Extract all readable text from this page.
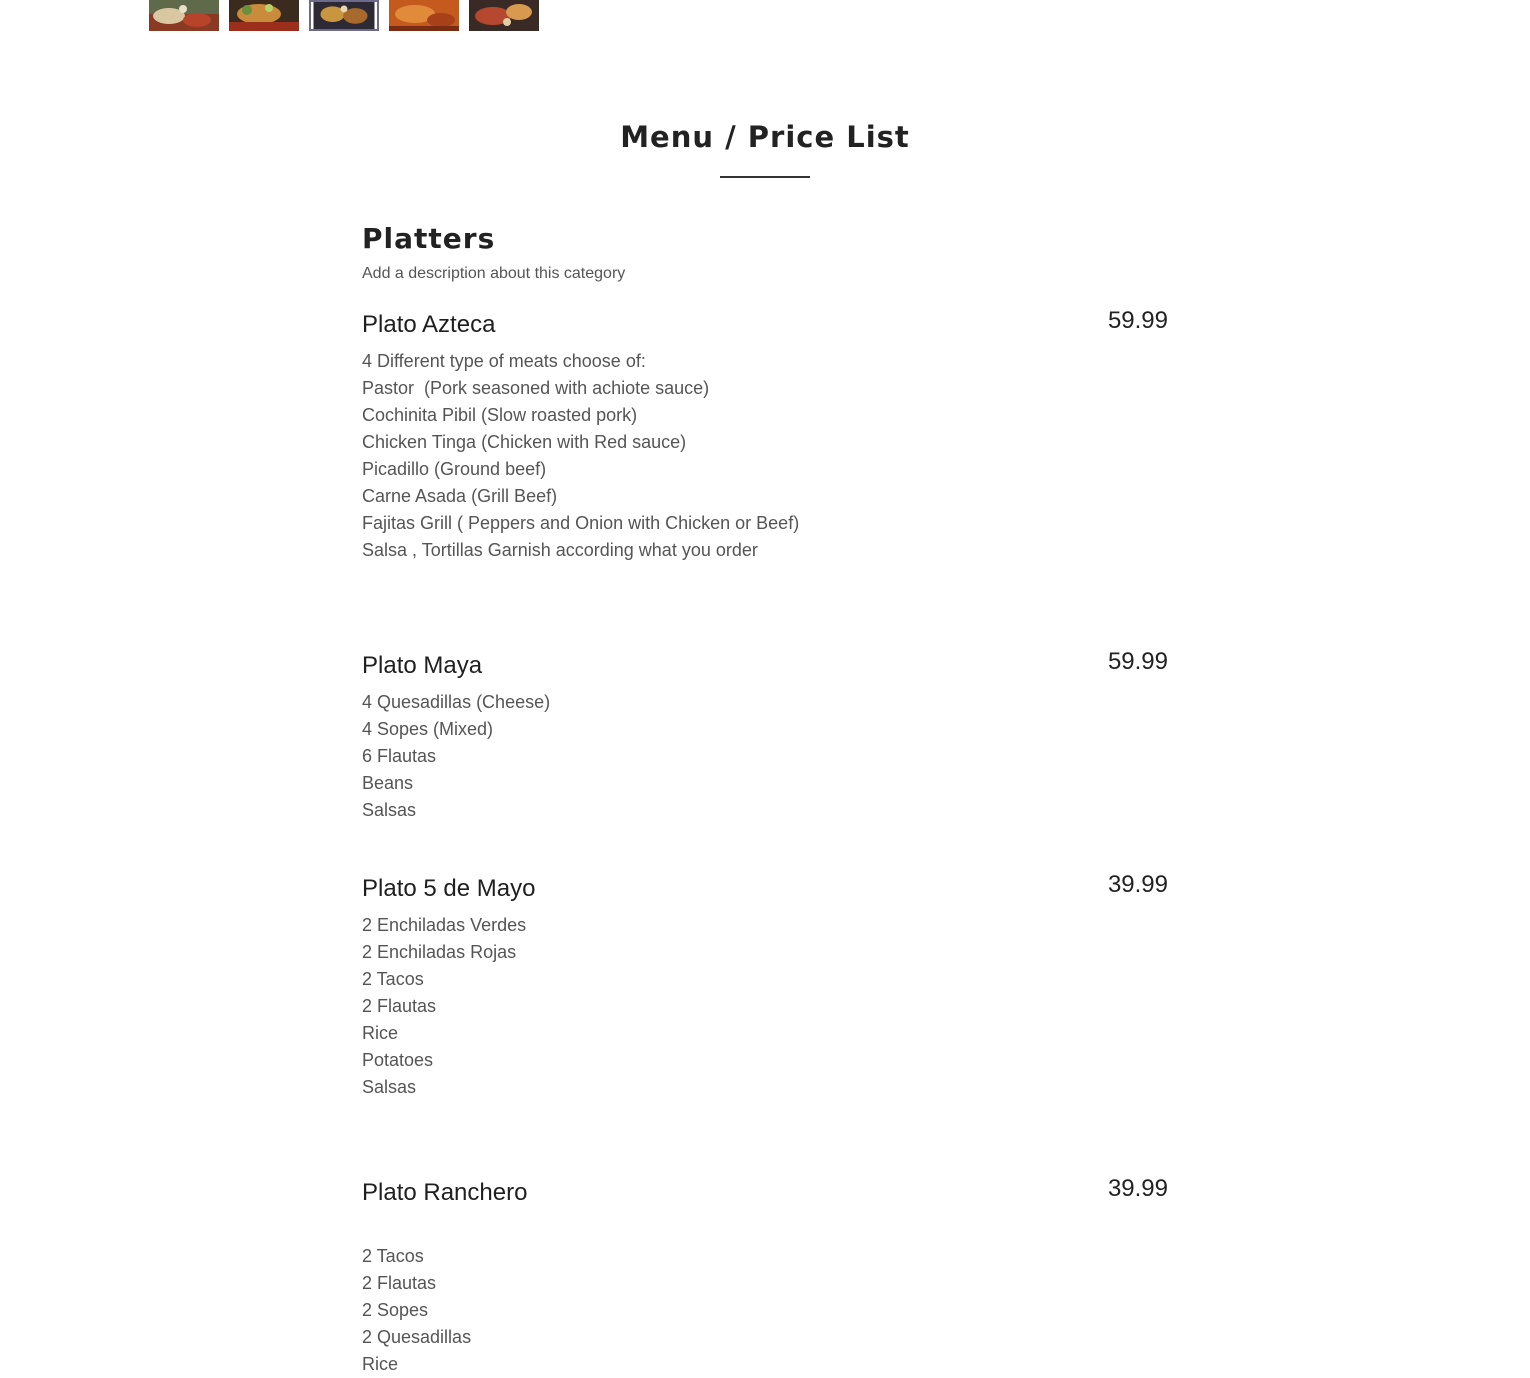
Menu / Price List
Platters
Add a description about this category
Plato Azteca	59.99
4 Different type of meats choose of:
Pastor  (Pork seasoned with achiote sauce)
Cochinita Pibil (Slow roasted pork)
Chicken Tinga (Chicken with Red sauce)
Picadillo (Ground beef)
Carne Asada (Grill Beef)
Fajitas Grill ( Peppers and Onion with Chicken or Beef)
Salsa , Tortillas Garnish according what you order
Plato Maya	59.99
4 Quesadillas (Cheese)
4 Sopes (Mixed)
6 Flautas
Beans
Salsas
Plato 5 de Mayo	39.99
2 Enchiladas Verdes
2 Enchiladas Rojas
2 Tacos
2 Flautas
Rice
Potatoes
Salsas
Plato Ranchero	39.99
2 Tacos
2 Flautas
2 Sopes
2 Quesadillas
Rice
